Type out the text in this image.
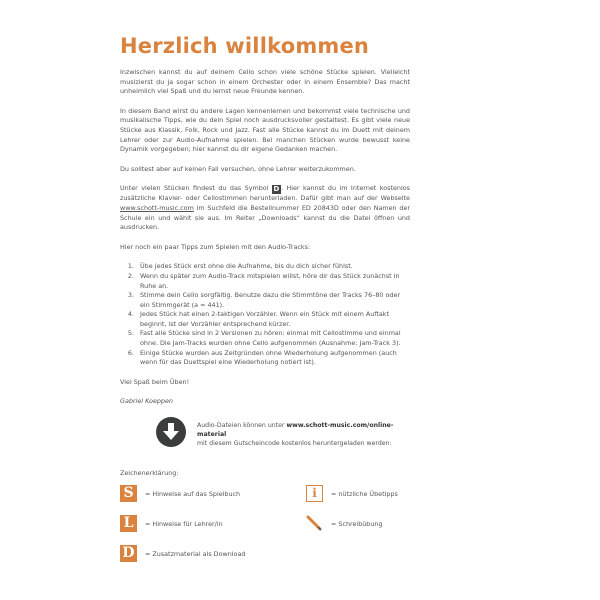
Herzlich willkommen

Inzwischen kannst du auf deinem Cello schon viele schöne Stücke spielen. Vielleicht musizierst du ja sogar schon in einem Orchester oder in einem Ensemble? Das macht unheimlich viel Spaß und du lernst neue Freunde kennen.

In diesem Band wirst du andere Lagen kennenlernen und bekommst viele technische und musikalische Tipps, wie du dein Spiel noch ausdrucksvoller gestaltest. Es gibt viele neue Stücke aus Klassik, Folk, Rock und Jazz. Fast alle Stücke kannst du im Duett mit deinem Lehrer oder zur Audio-Aufnahme spielen. Bei manchen Stücken wurde bewusst keine Dynamik vorgegeben; hier kannst du dir eigene Gedanken machen.

Du solltest aber auf keinen Fall versuchen, ohne Lehrer weiterzukommen.

Unter vielen Stücken findest du das Symbol D . Hier kannst du im Internet kostenlos zusätzliche Klavier- oder Cellostimmen herunterladen. Dafür gibt man auf der Webseite www.schott-music.com im Suchfeld die Bestellnummer ED 20843D oder den Namen der Schule ein und wählt sie aus. Im Reiter „Downloads“ kannst du die Datei öffnen und ausdrucken.

Hier noch ein paar Tipps zum Spielen mit den Audio-Tracks:

1. Übe jedes Stück erst ohne die Aufnahme, bis du dich sicher fühlst.
2. Wenn du später zum Audio-Track mitspielen willst, höre dir das Stück zunächst in Ruhe an.
3. Stimme dein Cello sorgfältig. Benutze dazu die Stimmtöne der Tracks 76–80 oder ein Stimmgerät (a = 441).
4. Jedes Stück hat einen 2-taktigen Vorzähler. Wenn ein Stück mit einem Auftakt beginnt, ist der Vorzähler entsprechend kürzer.
5. Fast alle Stücke sind in 2 Versionen zu hören: einmal mit Cellostimme und einmal ohne. Die Jam-Tracks wurden ohne Cello aufgenommen (Ausnahme: Jam-Track 3).
6. Einige Stücke wurden aus Zeitgründen ohne Wiederholung aufgenommen (auch wenn für das Duettspiel eine Wiederholung notiert ist).

Viel Spaß beim Üben!

Gabriel Koeppen

Audio-Dateien können unter www.schott-music.com/online-material
mit diesem Gutscheincode kostenlos heruntergeladen werden:
Zeichenerklärung:
S	= Hinweise auf das Spielbuch	i	= nützliche Übetipps
L	= Hinweise für Lehrer/in	= Schreibübung
D	= Zusatzmaterial als Download
